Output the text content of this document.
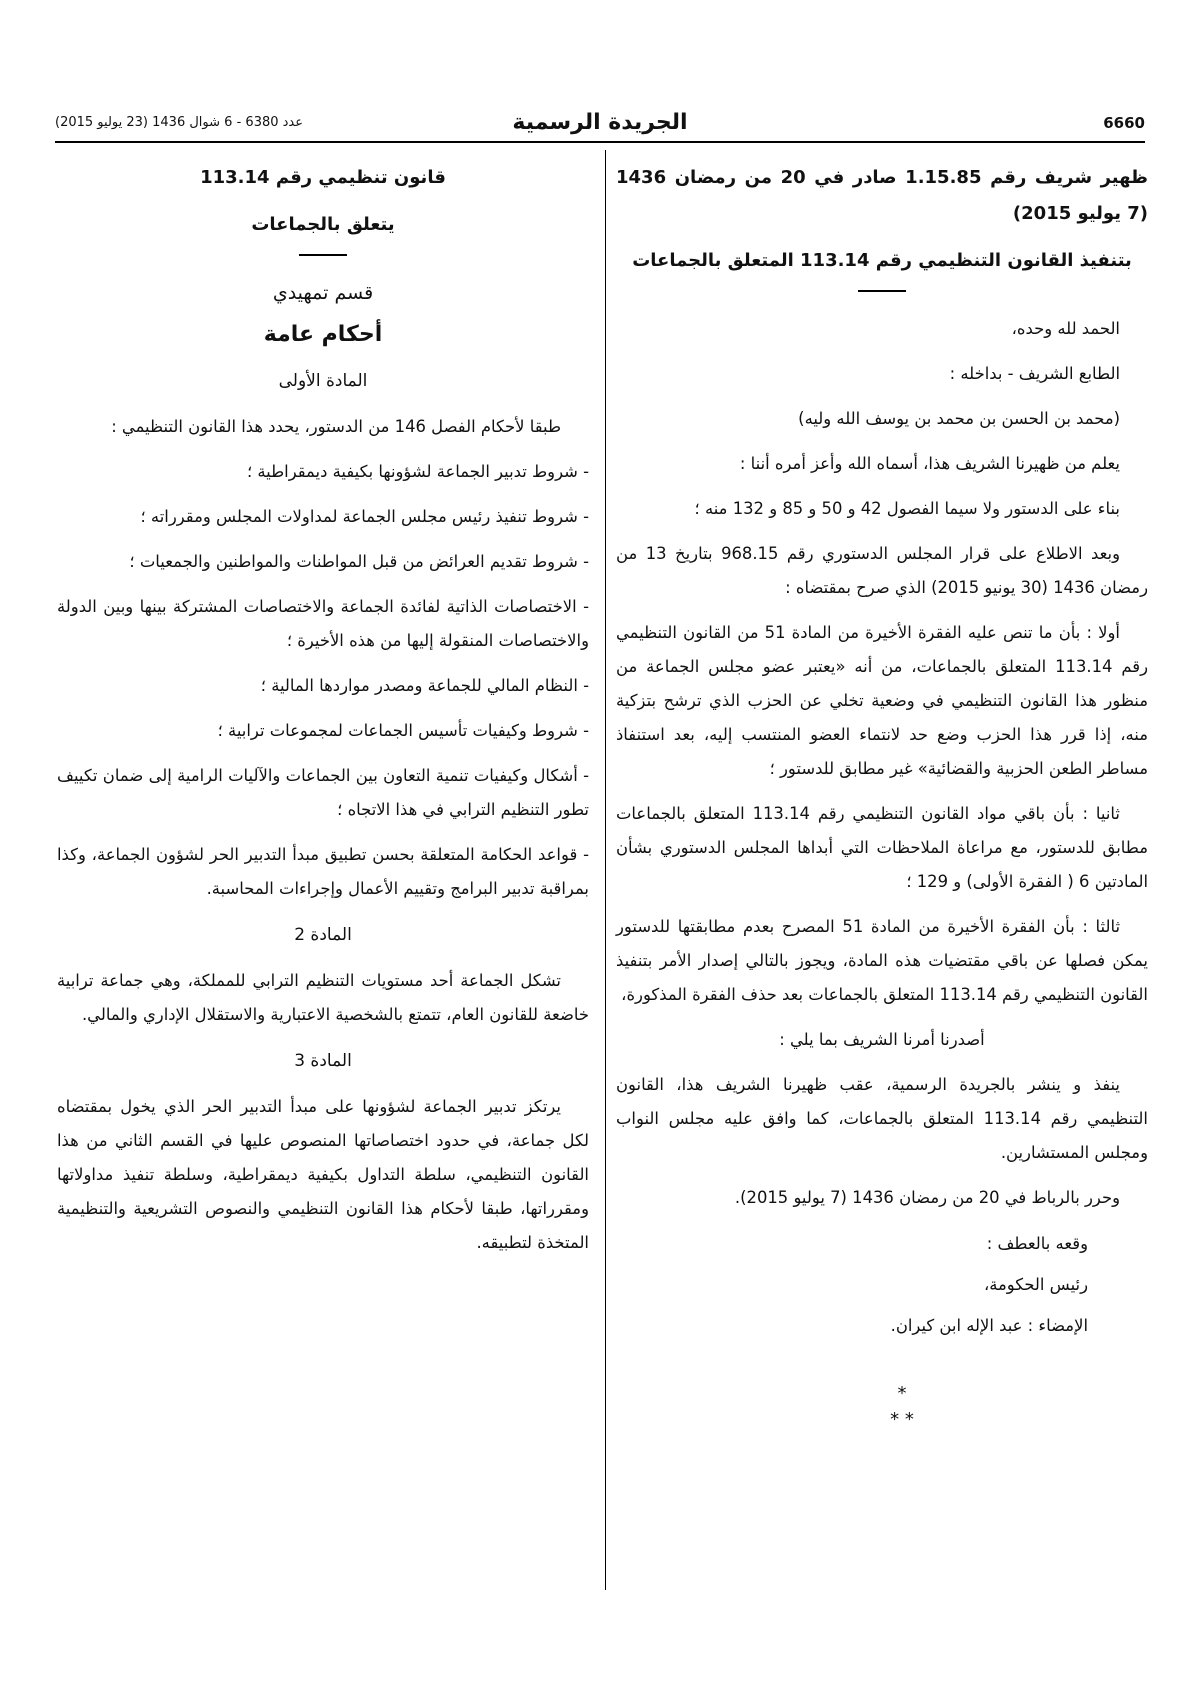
6660
الجريدة الرسمية
عدد 6380 - 6 شوال 1436 (23 يوليو 2015)

ظهير شريف رقم 1.15.85 صادر في 20 من رمضان 1436 (7 يوليو 2015)

بتنفيذ القانون التنظيمي رقم 113.14 المتعلق بالجماعات

الحمد لله وحده،

الطابع الشريف - بداخله :

(محمد بن الحسن بن محمد بن يوسف الله وليه)

يعلم من ظهيرنا الشريف هذا، أسماه الله وأعز أمره أننا :

بناء على الدستور ولا سيما الفصول 42 و 50 و 85 و 132 منه ؛

وبعد الاطلاع على قرار المجلس الدستوري رقم 968.15 بتاريخ 13 من رمضان 1436 (30 يونيو 2015) الذي صرح بمقتضاه :

أولا : بأن ما تنص عليه الفقرة الأخيرة من المادة 51 من القانون التنظيمي رقم 113.14 المتعلق بالجماعات، من أنه «يعتبر عضو مجلس الجماعة من منظور هذا القانون التنظيمي في وضعية تخلي عن الحزب الذي ترشح بتزكية منه، إذا قرر هذا الحزب وضع حد لانتماء العضو المنتسب إليه، بعد استنفاذ مساطر الطعن الحزبية والقضائية» غير مطابق للدستور ؛

ثانيا : بأن باقي مواد القانون التنظيمي رقم 113.14 المتعلق بالجماعات مطابق للدستور، مع مراعاة الملاحظات التي أبداها المجلس الدستوري بشأن المادتين 6 ( الفقرة الأولى) و 129 ؛

ثالثا : بأن الفقرة الأخيرة من المادة 51 المصرح بعدم مطابقتها للدستور يمكن فصلها عن باقي مقتضيات هذه المادة، ويجوز بالتالي إصدار الأمر بتنفيذ القانون التنظيمي رقم 113.14 المتعلق بالجماعات بعد حذف الفقرة المذكورة،

أصدرنا أمرنا الشريف بما يلي :

ينفذ و ينشر بالجريدة الرسمية، عقب ظهيرنا الشريف هذا، القانون التنظيمي رقم 113.14 المتعلق بالجماعات، كما وافق عليه مجلس النواب ومجلس المستشارين.

وحرر بالرباط في 20 من رمضان 1436 (7 يوليو 2015).

وقعه بالعطف :

رئيس الحكومة،

الإمضاء : عبد الإله ابن كيران.

*
* *

قانون تنظيمي رقم 113.14

يتعلق بالجماعات

قسم تمهيدي
أحكام عامة
المادة الأولى

طبقا لأحكام الفصل 146 من الدستور، يحدد هذا القانون التنظيمي :

- شروط تدبير الجماعة لشؤونها بكيفية ديمقراطية ؛

- شروط تنفيذ رئيس مجلس الجماعة لمداولات المجلس ومقرراته ؛

- شروط تقديم العرائض من قبل المواطنات والمواطنين والجمعيات ؛

- الاختصاصات الذاتية لفائدة الجماعة والاختصاصات المشتركة بينها وبين الدولة والاختصاصات المنقولة إليها من هذه الأخيرة ؛

- النظام المالي للجماعة ومصدر مواردها المالية ؛

- شروط وكيفيات تأسيس الجماعات لمجموعات ترابية ؛

- أشكال وكيفيات تنمية التعاون بين الجماعات والآليات الرامية إلى ضمان تكييف تطور التنظيم الترابي في هذا الاتجاه ؛

- قواعد الحكامة المتعلقة بحسن تطبيق مبدأ التدبير الحر لشؤون الجماعة، وكذا بمراقبة تدبير البرامج وتقييم الأعمال وإجراءات المحاسبة.

المادة 2

تشكل الجماعة أحد مستويات التنظيم الترابي للمملكة، وهي جماعة ترابية خاضعة للقانون العام، تتمتع بالشخصية الاعتبارية والاستقلال الإداري والمالي.

المادة 3

يرتكز تدبير الجماعة لشؤونها على مبدأ التدبير الحر الذي يخول بمقتضاه لكل جماعة، في حدود اختصاصاتها المنصوص عليها في القسم الثاني من هذا القانون التنظيمي، سلطة التداول بكيفية ديمقراطية، وسلطة تنفيذ مداولاتها ومقرراتها، طبقا لأحكام هذا القانون التنظيمي والنصوص التشريعية والتنظيمية المتخذة لتطبيقه.
